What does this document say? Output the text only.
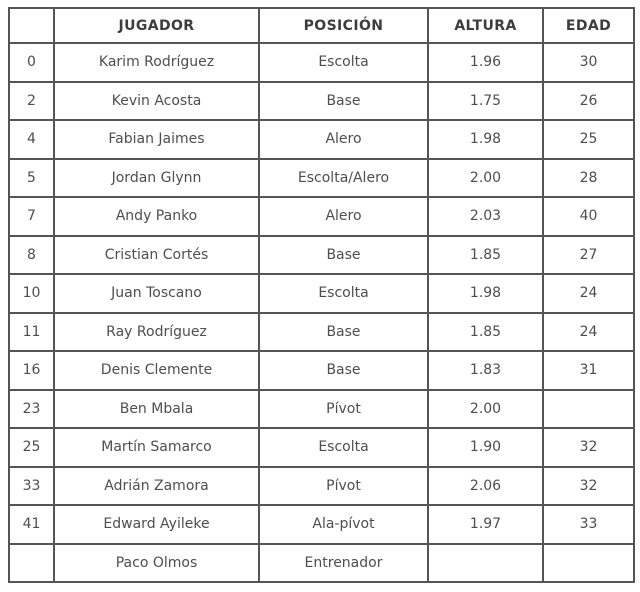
	JUGADOR	POSICIÓN	ALTURA	EDAD
0	Karim Rodríguez	Escolta	1.96	30
2	Kevin Acosta	Base	1.75	26
4	Fabian Jaimes	Alero	1.98	25
5	Jordan Glynn	Escolta/Alero	2.00	28
7	Andy Panko	Alero	2.03	40
8	Cristian Cortés	Base	1.85	27
10	Juan Toscano	Escolta	1.98	24
11	Ray Rodríguez	Base	1.85	24
16	Denis Clemente	Base	1.83	31
23	Ben Mbala	Pívot	2.00	
25	Martín Samarco	Escolta	1.90	32
33	Adrián Zamora	Pívot	2.06	32
41	Edward Ayileke	Ala-pívot	1.97	33
	Paco Olmos	Entrenador		
